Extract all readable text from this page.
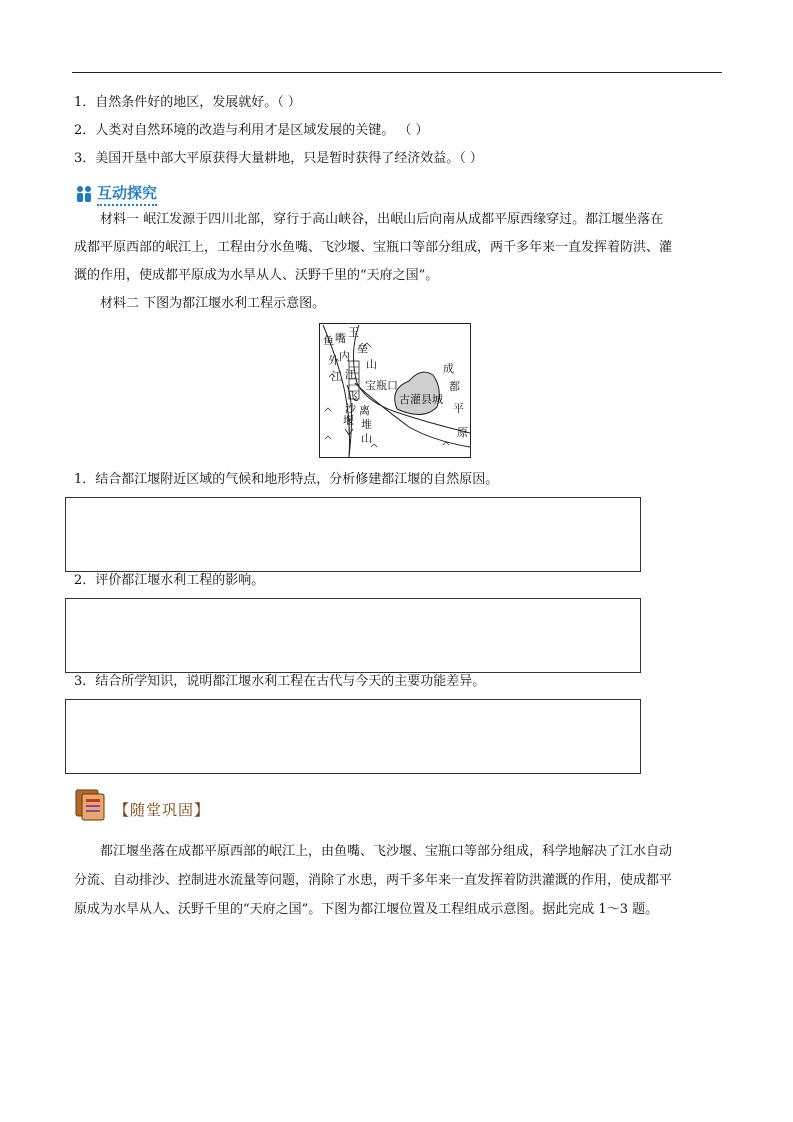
1．自然条件好的地区，发展就好。（ ）
2．人类对自然环境的改造与利用才是区域发展的关键。 （ ）
3．美国开垦中部大平原获得大量耕地，只是暂时获得了经济效益。（ ）
互动探究
材料一 岷江发源于四川北部，穿行于高山峡谷，出岷山后向南从成都平原西缘穿过。都江堰坐落在
成都平原西部的岷江上，工程由分水鱼嘴、飞沙堰、宝瓶口等部分组成，两千多年来一直发挥着防洪、灌
溉的作用，使成都平原成为水旱从人、沃野千里的“天府之国”。
材料二 下图为都江堰水利工程示意图。
鱼 嘴
内
江
外
江
玉
垒
山
宝瓶口
古灌县城
成
都
平
原
飞
沙
堰
离
堆
山
1．结合都江堰附近区域的气候和地形特点，分析修建都江堰的自然原因。
2．评价都江堰水利工程的影响。
3．结合所学知识，说明都江堰水利工程在古代与今天的主要功能差异。
【随堂巩固】
都江堰坐落在成都平原西部的岷江上，由鱼嘴、飞沙堰、宝瓶口等部分组成，科学地解决了江水自动
分流、自动排沙、控制进水流量等问题，消除了水患，两千多年来一直发挥着防洪灌溉的作用，使成都平
原成为水旱从人、沃野千里的“天府之国”。下图为都江堰位置及工程组成示意图。据此完成 1～3 题。
